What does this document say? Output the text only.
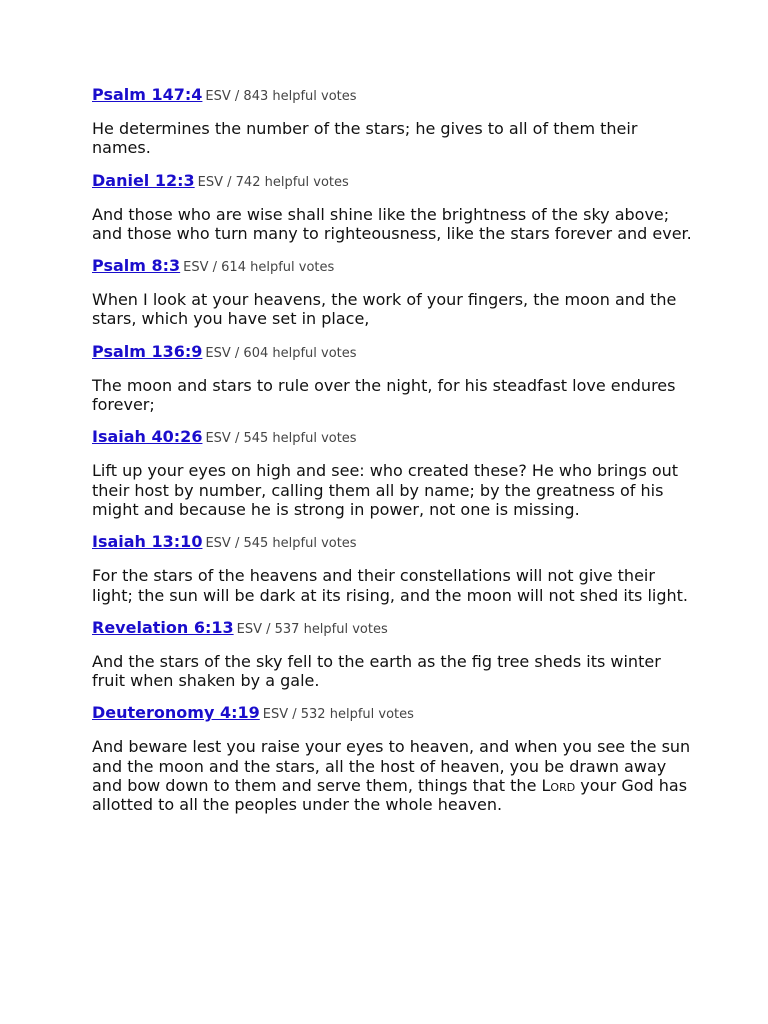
Psalm 147:4 ESV / 843 helpful votes

He determines the number of the stars; he gives to all of them their names.

Daniel 12:3 ESV / 742 helpful votes

And those who are wise shall shine like the brightness of the sky above; and those who turn many to righteousness, like the stars forever and ever.

Psalm 8:3 ESV / 614 helpful votes

When I look at your heavens, the work of your fingers, the moon and the stars, which you have set in place,

Psalm 136:9 ESV / 604 helpful votes

The moon and stars to rule over the night, for his steadfast love endures forever;

Isaiah 40:26 ESV / 545 helpful votes

Lift up your eyes on high and see: who created these? He who brings out their host by number, calling them all by name; by the greatness of his might and because he is strong in power, not one is missing.

Isaiah 13:10 ESV / 545 helpful votes

For the stars of the heavens and their constellations will not give their light; the sun will be dark at its rising, and the moon will not shed its light.

Revelation 6:13 ESV / 537 helpful votes

And the stars of the sky fell to the earth as the fig tree sheds its winter fruit when shaken by a gale.

Deuteronomy 4:19 ESV / 532 helpful votes

And beware lest you raise your eyes to heaven, and when you see the sun and the moon and the stars, all the host of heaven, you be drawn away and bow down to them and serve them, things that the Lord your God has allotted to all the peoples under the whole heaven.
